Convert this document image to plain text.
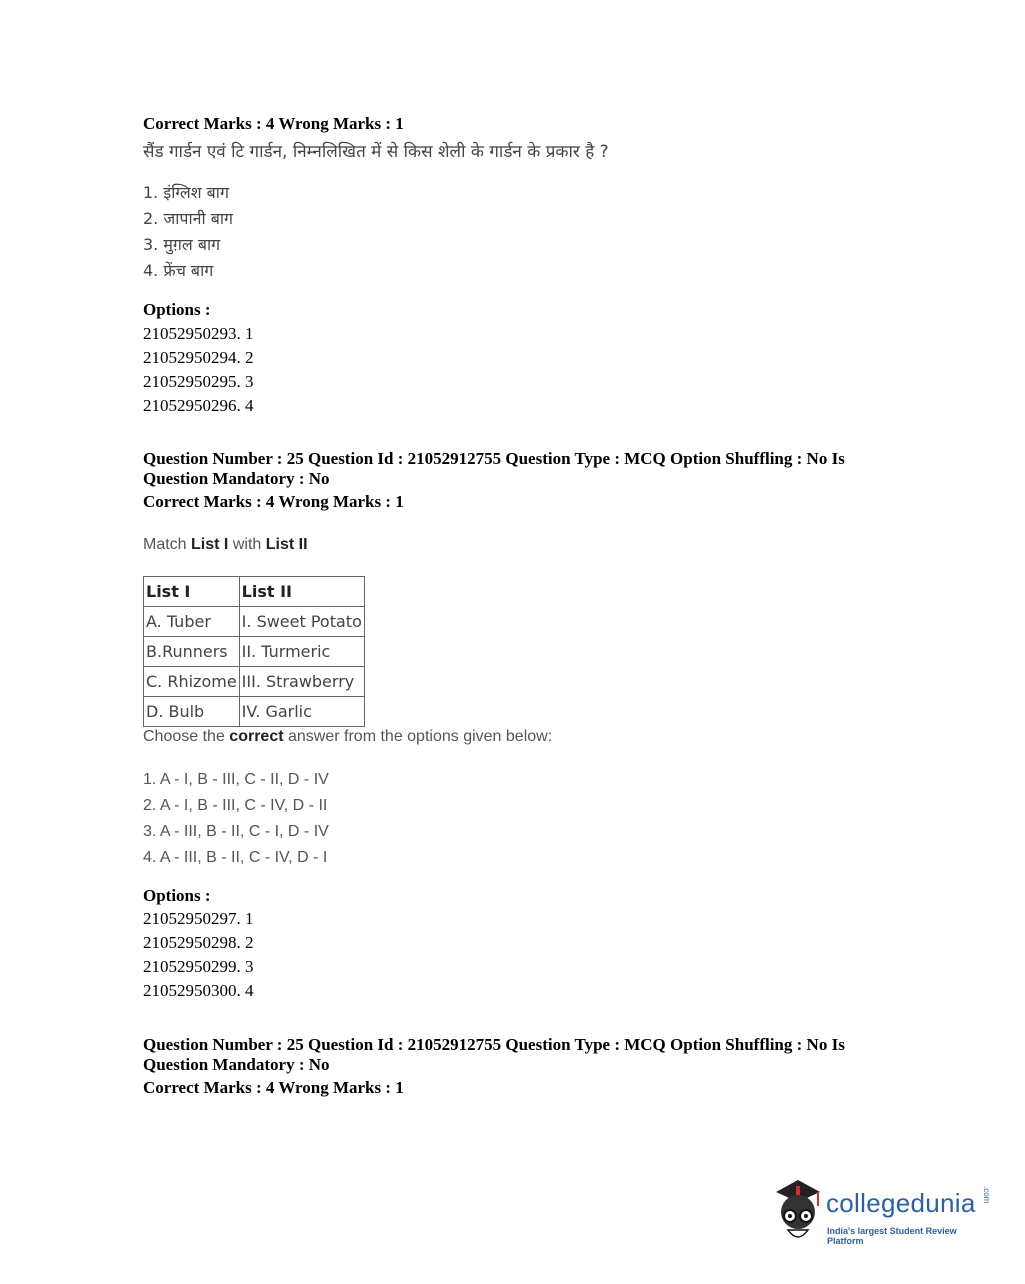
Correct Marks : 4 Wrong Marks : 1
सैंड गार्डन एवं टि गार्डन, निम्नलिखित में से किस शेली के गार्डन के प्रकार है ?
1. इंग्लिश बाग
2. जापानी बाग
3. मुग़ल बाग
4. फ्रेंच बाग
Options :
21052950293. 1
21052950294. 2
21052950295. 3
21052950296. 4
Question Number : 25 Question Id : 21052912755 Question Type : MCQ Option Shuffling : No Is
Question Mandatory : No
Correct Marks : 4 Wrong Marks : 1
Match List I with List II
List I	List II
A. Tuber	I. Sweet Potato
B.Runners	II. Turmeric
C. Rhizome	III. Strawberry
D. Bulb	IV. Garlic
Choose the correct answer from the options given below:
1. A - I, B - III, C - II, D - IV
2. A - I, B - III, C - IV, D - II
3. A - III, B - II, C - I, D - IV
4. A - III, B - II, C - IV, D - I
Options :
21052950297. 1
21052950298. 2
21052950299. 3
21052950300. 4
Question Number : 25 Question Id : 21052912755 Question Type : MCQ Option Shuffling : No Is
Question Mandatory : No
Correct Marks : 4 Wrong Marks : 1
collegedunia .com
India's largest Student Review Platform
